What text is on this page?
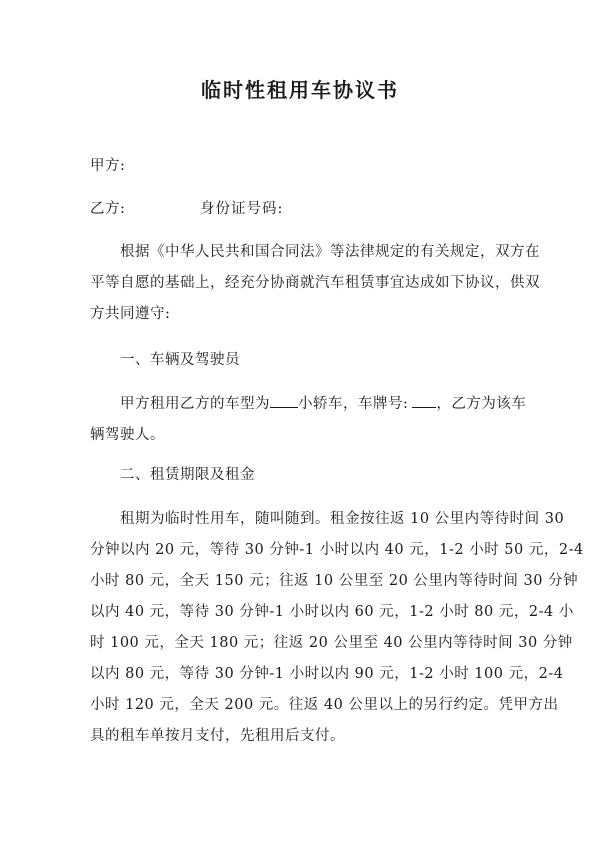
临时性租用车协议书
甲方:
乙方:	身份证号码:
根据《中华人民共和国合同法》等法律规定的有关规定，双方在
平等自愿的基础上，经充分协商就汽车租赁事宜达成如下协议，供双
方共同遵守:
一、车辆及驾驶员
甲方租用乙方的车型为 小轿车，车牌号: ，乙方为该车
辆驾驶人。
二、租赁期限及租金
租期为临时性用车，随叫随到。租金按往返 10 公里内等待时间 30
分钟以内 20 元，等待 30 分钟-1 小时以内 40 元，1-2 小时 50 元，2-4
小时 80 元，全天 150 元；往返 10 公里至 20 公里内等待时间 30 分钟
以内 40 元，等待 30 分钟-1 小时以内 60 元，1-2 小时 80 元，2-4 小
时 100 元，全天 180 元；往返 20 公里至 40 公里内等待时间 30 分钟
以内 80 元，等待 30 分钟-1 小时以内 90 元，1-2 小时 100 元，2-4
小时 120 元，全天 200 元。往返 40 公里以上的另行约定。凭甲方出
具的租车单按月支付，先租用后支付。
